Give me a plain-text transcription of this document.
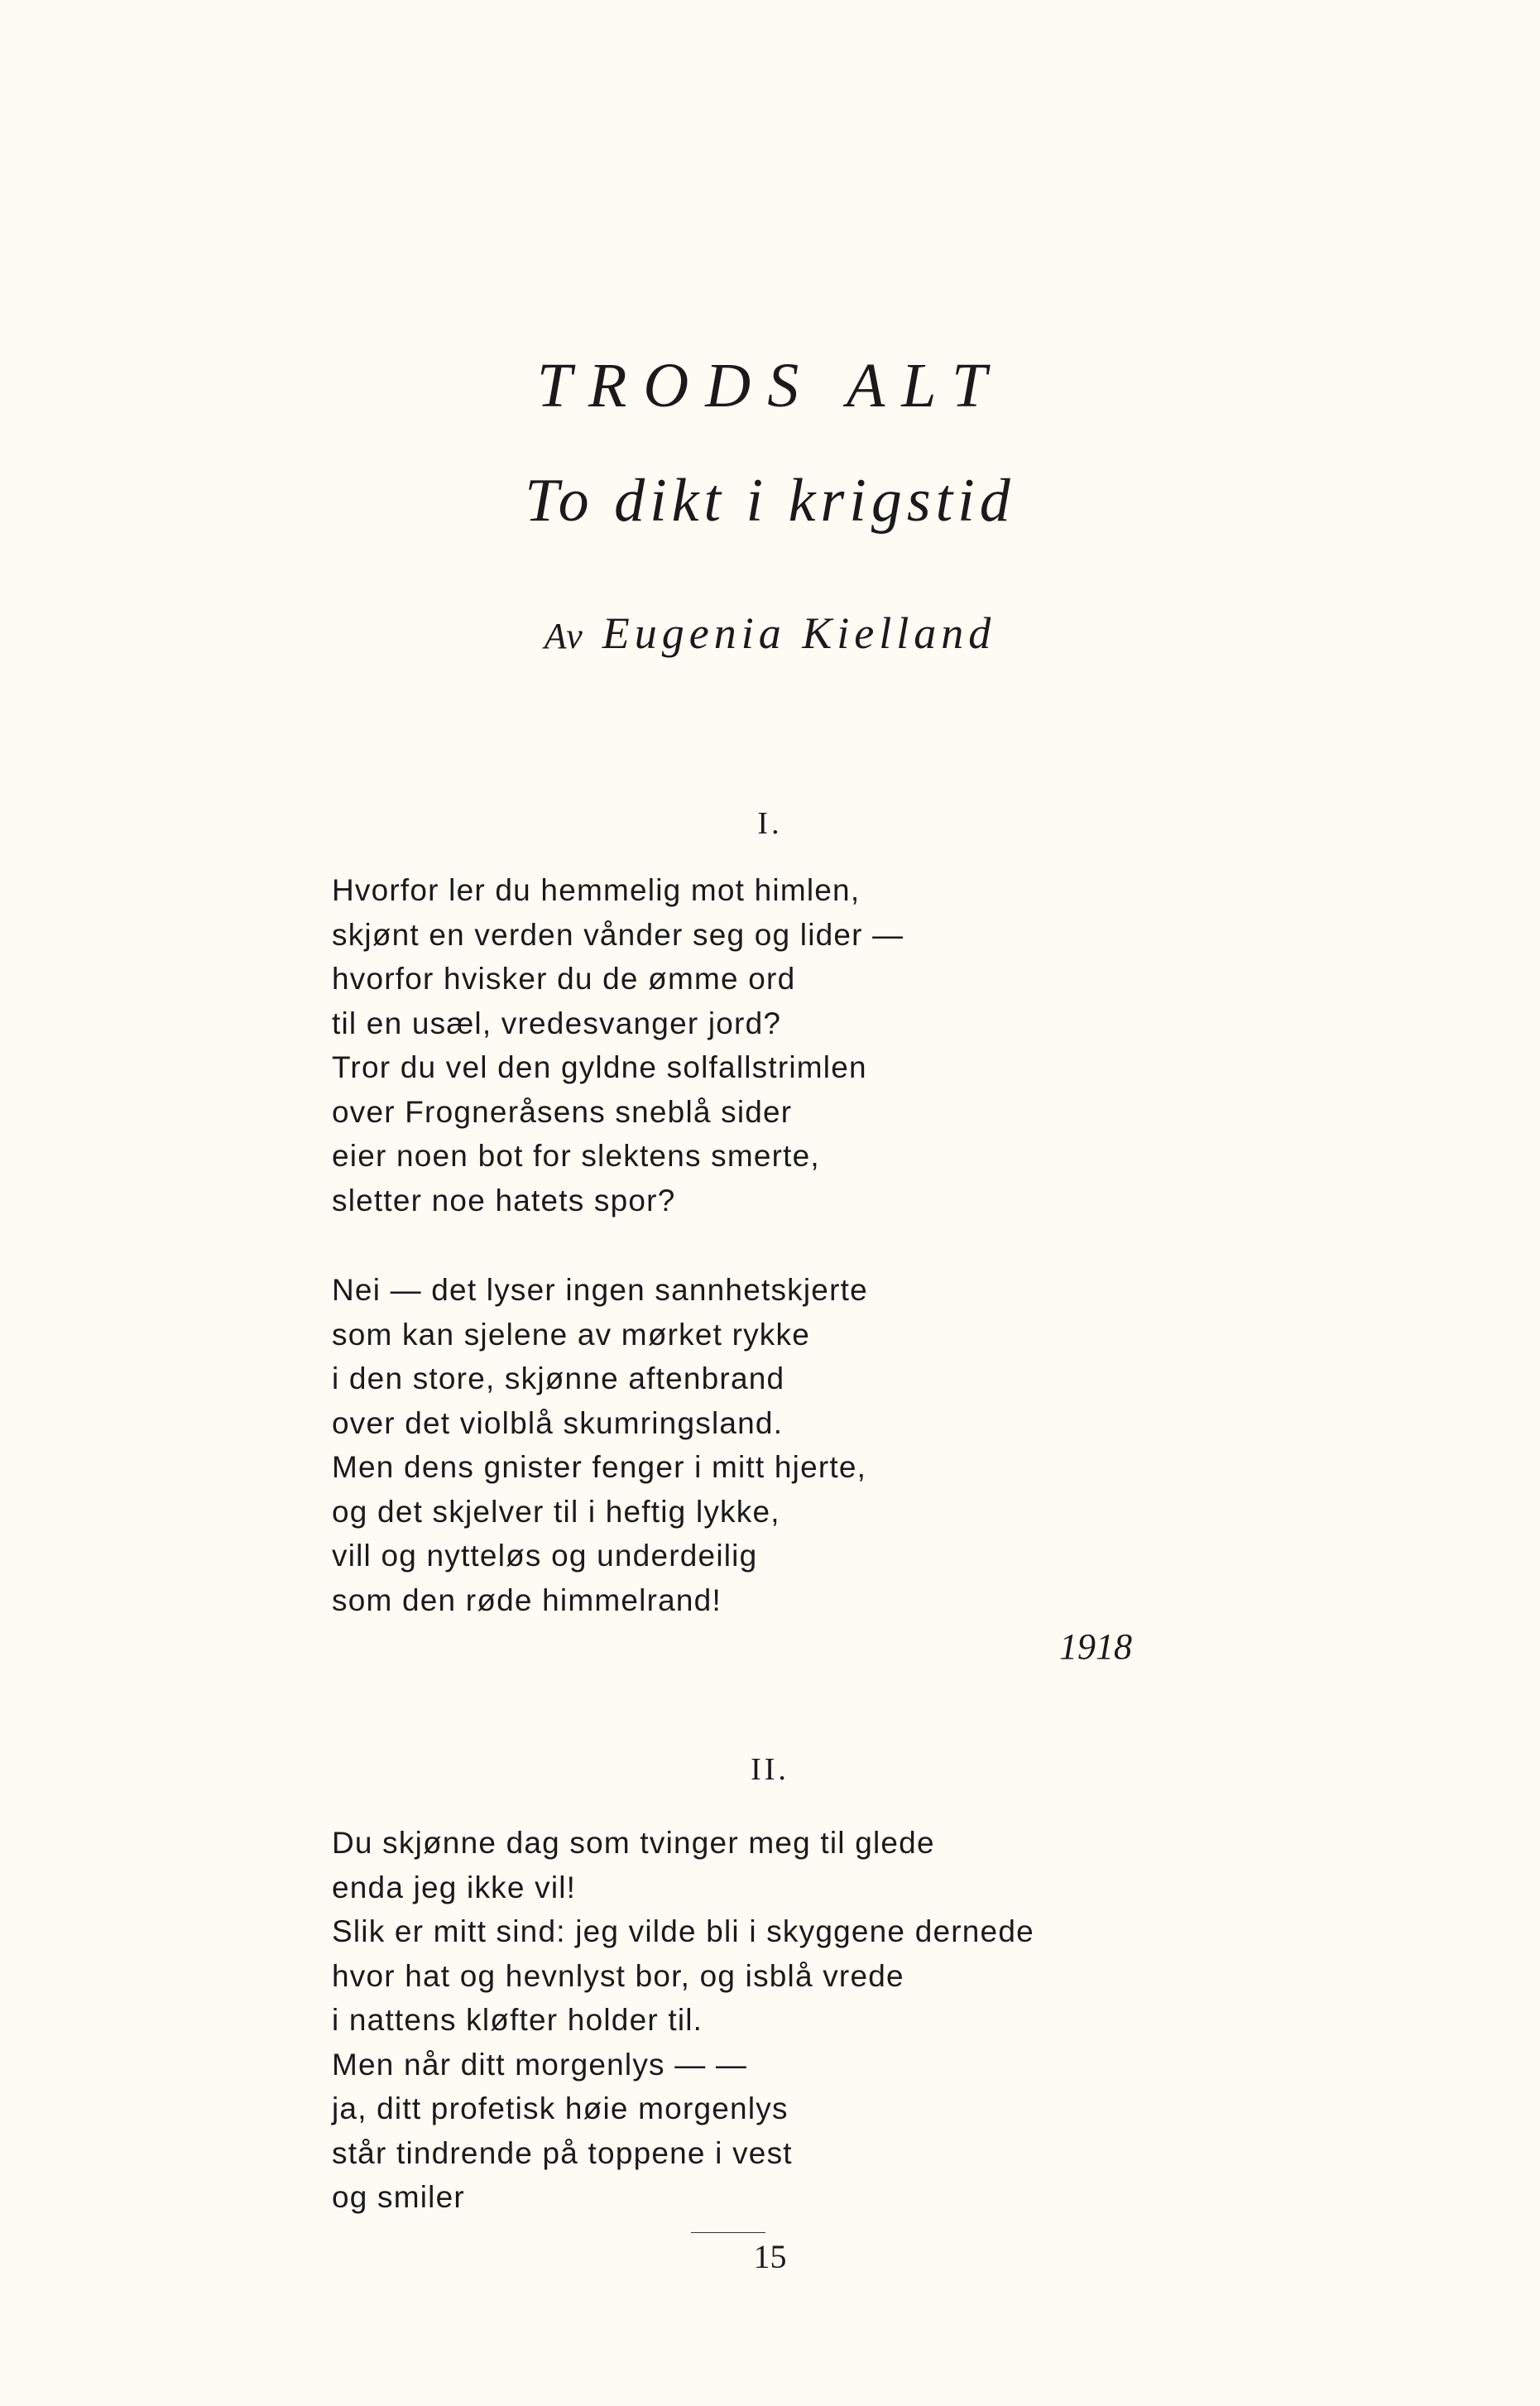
TRODS ALT
To dikt i krigstid
Av Eugenia Kielland
I.
Hvorfor ler du hemmelig mot himlen,
skjønt en verden vånder seg og lider —
hvorfor hvisker du de ømme ord
til en usæl, vredesvanger jord?
Tror du vel den gyldne solfallstrimlen
over Frogneråsens sneblå sider
eier noen bot for slektens smerte,
sletter noe hatets spor?
Nei — det lyser ingen sannhetskjerte
som kan sjelene av mørket rykke
i den store, skjønne aftenbrand
over det violblå skumringsland.
Men dens gnister fenger i mitt hjerte,
og det skjelver til i heftig lykke,
vill og nytteløs og underdeilig
som den røde himmelrand!
1918
II.
Du skjønne dag som tvinger meg til glede
enda jeg ikke vil!
Slik er mitt sind: jeg vilde bli i skyggene dernede
hvor hat og hevnlyst bor, og isblå vrede
i nattens kløfter holder til.
Men når ditt morgenlys — —
ja, ditt profetisk høie morgenlys
står tindrende på toppene i vest
og smiler
15
